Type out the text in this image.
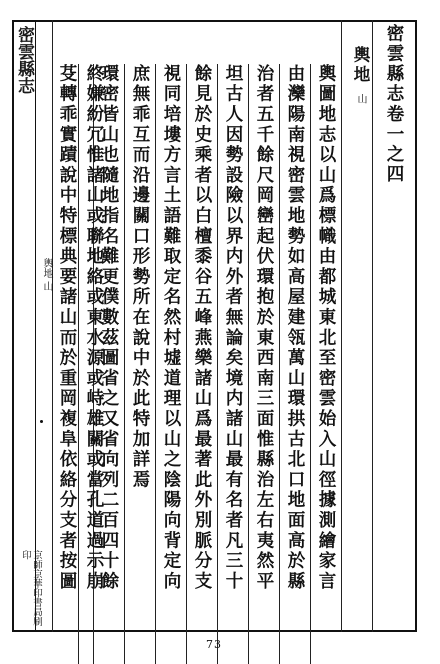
密雲縣志
京師京華印書局刷印
輿地 山
密雲縣志卷一之四
輿地 山
輿圖地志以山爲標幟由都城東北至密雲始入山徑據測繪家言
由灤陽南視密雲地勢如高屋建瓴萬山環拱古北口地面高於縣
治者五千餘尺岡巒起伏環抱於東西南三面惟縣治左右夷然平
坦古人因勢設險以界内外者無論矣境内諸山最有名者凡三十
餘見於史乘者以白檀黍谷五峰燕樂諸山爲最著此外別脈分支
視同培塿方言土語難取定名然村墟道理以山之陰陽向背定向
庶無乖互而沿邊關口形勢所在說中於此特加詳焉
環密皆山也隨地指名難更僕數茲圖省之又省向列二百四十餘
終嫌紛冗惟諸山或聯地絡或東水源或峙雄關或當孔道過示崩
芟轉乖實蹟說中特標典要諸山而於重岡複阜依絡分支者按圖
73
